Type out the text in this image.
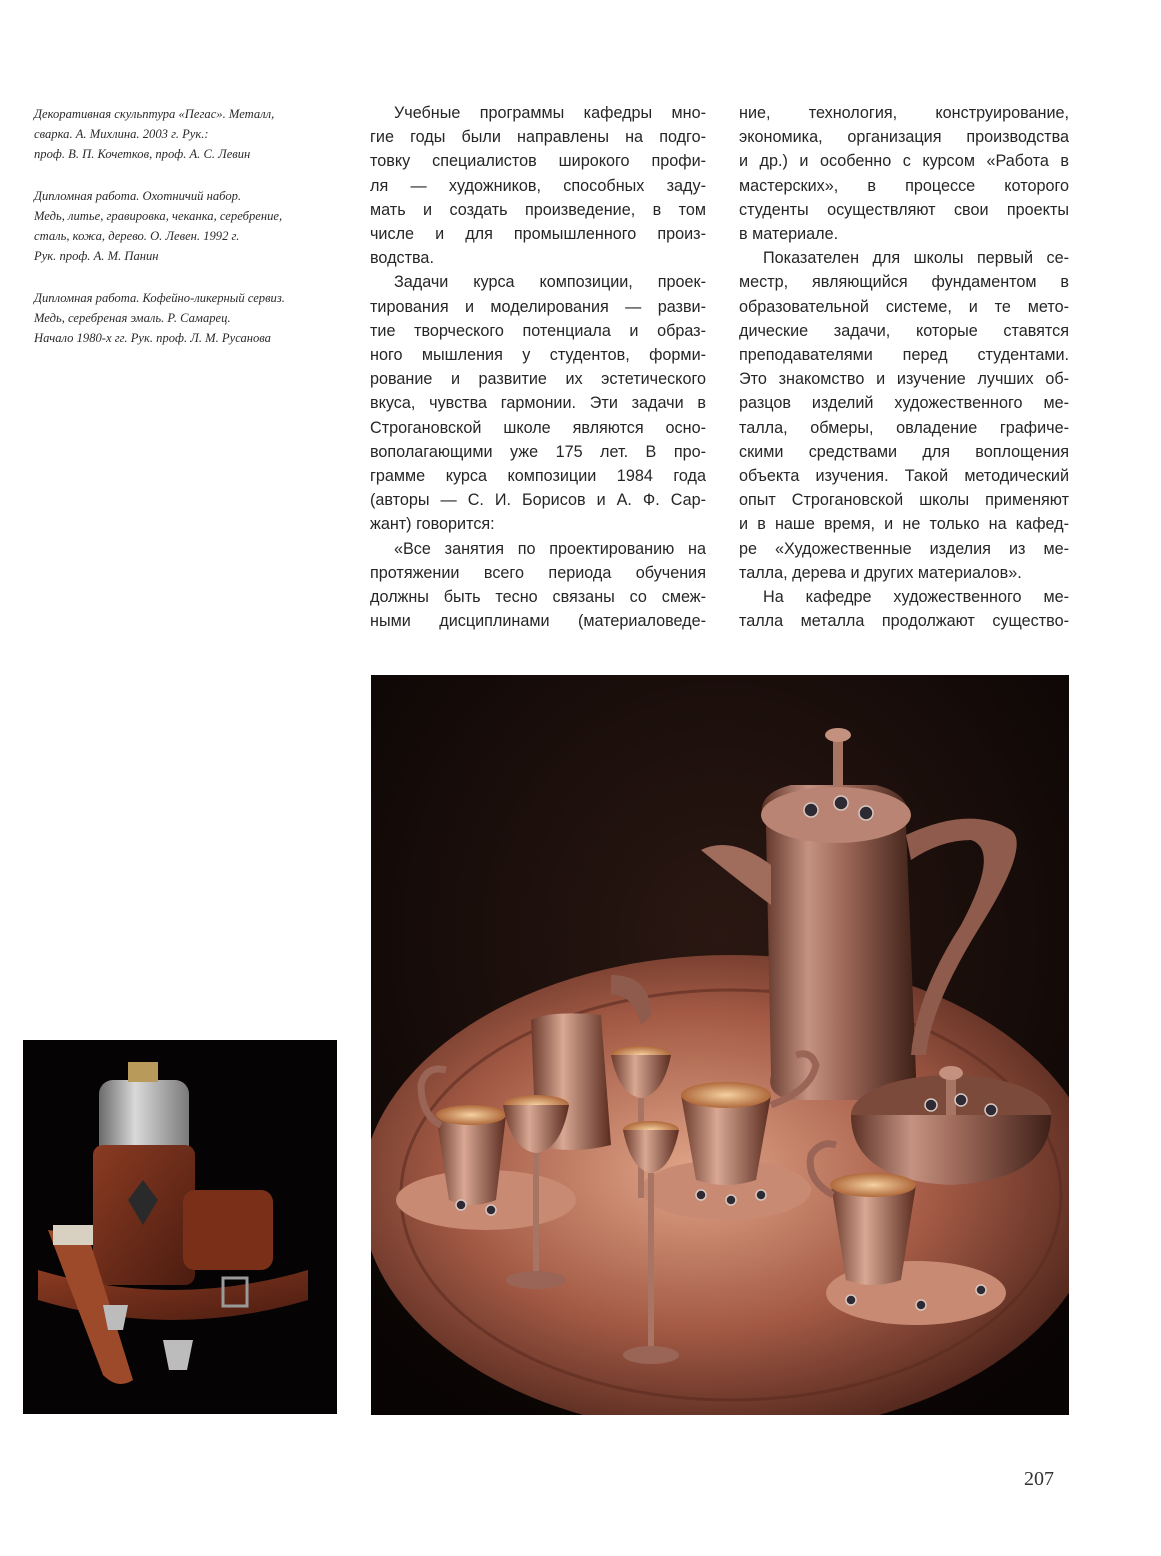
Декоративная скульптура «Пегас». Металл,
сварка. А. Михлина. 2003 г. Рук.:
проф. В. П. Кочетков, проф. А. С. Левин

Дипломная работа. Охотничий набор.
Медь, литье, гравировка, чеканка, серебрение,
сталь, кожа, дерево. О. Левен. 1992 г.
Рук. проф. А. М. Панин

Дипломная работа. Кофейно-ликерный сервиз.
Медь, серебреная эмаль. Р. Самарец.
Начало 1980-х гг. Рук. проф. Л. М. Русанова

Учебные программы кафедры мно-
гие годы были направлены на подго-
товку специалистов широкого профи-
ля — художников, способных заду-
мать и создать произведение, в том
числе и для промышленного произ-
водства.
Задачи курса композиции, проек-
тирования и моделирования — разви-
тие творческого потенциала и образ-
ного мышления у студентов, форми-
рование и развитие их эстетического
вкуса, чувства гармонии. Эти задачи в
Строгановской школе являются осно-
вополагающими уже 175 лет. В про-
грамме курса композиции 1984 года
(авторы — С. И. Борисов и А. Ф. Сар-
жант) говорится:
«Все занятия по проектированию на
протяжении всего периода обучения
должны быть тесно связаны со смеж-
ными дисциплинами (материаловеде-
ние, технология, конструирование,
экономика, организация производства
и др.) и особенно с курсом «Работа в
мастерских», в процессе которого
студенты осуществляют свои проекты
в материале.
Показателен для школы первый се-
местр, являющийся фундаментом в
образовательной системе, и те мето-
дические задачи, которые ставятся
преподавателями перед студентами.
Это знакомство и изучение лучших об-
разцов изделий художественного ме-
талла, обмеры, овладение графиче-
скими средствами для воплощения
объекта изучения. Такой методический
опыт Строгановской школы применяют
и в наше время, и не только на кафед-
ре «Художественные изделия из ме-
талла, дерева и других материалов».
На кафедре художественного ме-
талла металла продолжают существо-
207
